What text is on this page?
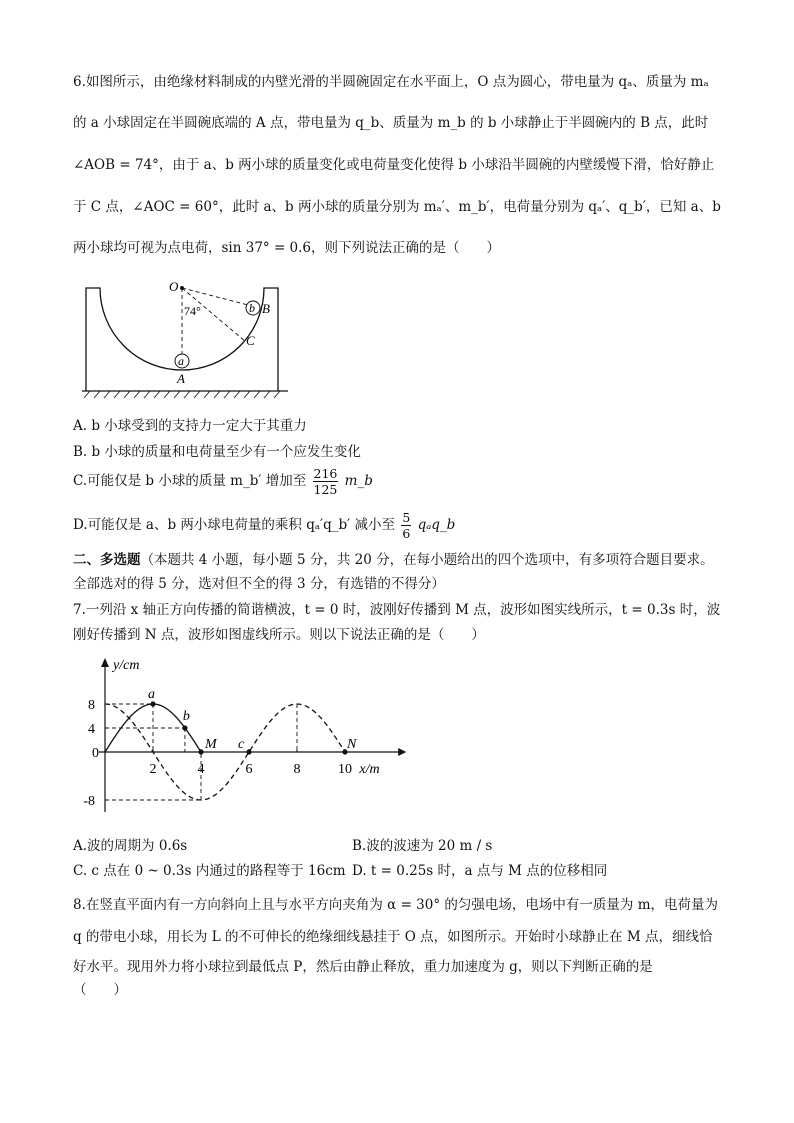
6.如图所示，由绝缘材料制成的内壁光滑的半圆碗固定在水平面上，O 点为圆心，带电量为 qₐ、质量为 mₐ
的 a 小球固定在半圆碗底端的 A 点，带电量为 q_b、质量为 m_b 的 b 小球静止于半圆碗内的 B 点，此时
∠AOB = 74°，由于 a、b 两小球的质量变化或电荷量变化使得 b 小球沿半圆碗的内壁缓慢下滑，恰好静止
于 C 点，∠AOC = 60°，此时 a、b 两小球的质量分别为 mₐ′、m_b′，电荷量分别为 qₐ′、q_b′，已知 a、b
两小球均可视为点电荷，sin 37° = 0.6，则下列说法正确的是（　　）
O
74°	b B
C
a
A
A. b 小球受到的支持力一定大于其重力
B. b 小球的质量和电荷量至少有一个应发生变化
C.可能仅是 b 小球的质量 m_b′ 增加至 $\frac{216}{125}$ m_b
D.可能仅是 a、b 两小球电荷量的乘积 qₐ′q_b′ 减小至 $\frac{5}{6}$ qₐq_b
二、多选题（本题共 4 小题，每小题 5 分，共 20 分，在每小题给出的四个选项中，有多项符合题目要求。
全部选对的得 5 分，选对但不全的得 3 分，有选错的不得分）
7.一列沿 x 轴正方向传播的简谐横波，t = 0 时，波刚好传播到 M 点，波形如图实线所示，t = 0.3s 时，波
刚好传播到 N 点，波形如图虚线所示。则以下说法正确的是（　　）
y/cm
x/m
0
8
4
-8
2	4	6	8	10
a
b
M c	N
A.波的周期为 0.6s	B.波的波速为 20 m / s
C. c 点在 0 ~ 0.3s 内通过的路程等于 16cm D. t = 0.25s 时，a 点与 M 点的位移相同
8.在竖直平面内有一方向斜向上且与水平方向夹角为 α = 30° 的匀强电场，电场中有一质量为 m，电荷量为
q 的带电小球，用长为 L 的不可伸长的绝缘细线悬挂于 O 点，如图所示。开始时小球静止在 M 点，细线恰
好水平。现用外力将小球拉到最低点 P，然后由静止释放，重力加速度为 g，则以下判断正确的是
（　　）
